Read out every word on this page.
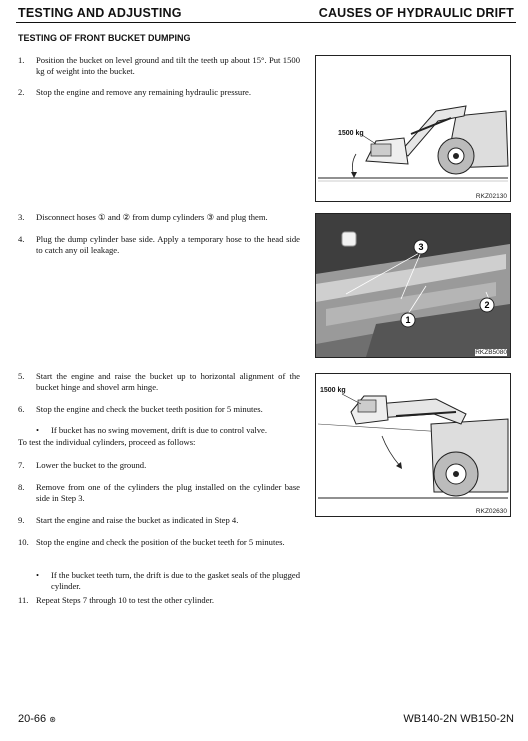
TESTING AND ADJUSTING	CAUSES OF HYDRAULIC DRIFT
TESTING OF FRONT BUCKET DUMPING
1. Position the bucket on level ground and tilt the teeth up about 15°. Put 1500 kg of weight into the bucket.
2. Stop the engine and remove any remaining hydraulic pressure.
3. Disconnect hoses ① and ② from dump cylinders ③ and plug them.
4. Plug the dump cylinder base side. Apply a temporary hose to the head side to catch any oil leakage.
5. Start the engine and raise the bucket up to horizontal alignment of the bucket hinge and shovel arm hinge.
6. Stop the engine and check the bucket teeth position for 5 minutes.
• If bucket has no swing movement, drift is due to control valve.
To test the individual cylinders, proceed as follows:
7. Lower the bucket to the ground.
8. Remove from one of the cylinders the plug installed on the cylinder base side in Step 3.
9. Start the engine and raise the bucket as indicated in Step 4.
10. Stop the engine and check the position of the bucket teeth for 5 minutes.
• If the bucket teeth turn, the drift is due to the gasket seals of the plugged cylinder.
11. Repeat Steps 7 through 10 to test the other cylinder.
1500 kg
RKZ02130
3
1
2
RKZB5080
1500 kg
RKZ02630
20-66 ⊛	WB140-2N WB150-2N
